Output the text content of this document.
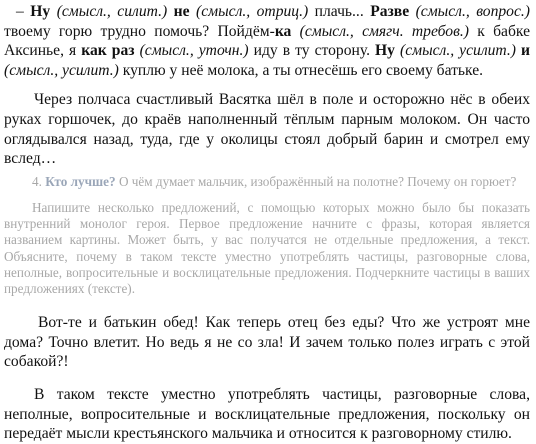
– Ну (смысл., силит.) не (смысл., отриц.) плачь... Разве (смысл., вопрос.) твоему горю трудно помочь? Пойдём-ка (смысл., смягч. требов.) к бабке Аксинье, я как раз (смысл., уточн.) иду в ту сторону. Ну (смысл., усилит.) и (смысл., усилит.) куплю у неё молока, а ты отнесёшь его своему батьке.

Через полчаса счастливый Васятка шёл в поле и осторожно нёс в обеих руках горшочек, до краёв наполненный тёплым парным молоком. Он часто оглядывался назад, туда, где у околицы стоял добрый барин и смотрел ему вслед…

4. Кто лучше? О чём думает мальчик, изображённый на полотне? Почему он горюет?

Напишите несколько предложений, с помощью которых можно было бы показать внутренний монолог героя. Первое предложение начните с фразы, которая является названием картины. Может быть, у вас получатся не отдельные предложения, а текст. Объясните, почему в таком тексте уместно употреблять частицы, разговорные слова, неполные, вопросительные и восклицательные предложения. Подчеркните частицы в ваших предложениях (тексте).

Вот-те и батькин обед! Как теперь отец без еды? Что же устроят мне дома? Точно влетит. Но ведь я не со зла! И зачем только полез играть с этой собакой?!

В таком тексте уместно употреблять частицы, разговорные слова, неполные, вопросительные и восклицательные предложения, поскольку он передаёт мысли крестьянского мальчика и относится к разговорному стилю.
